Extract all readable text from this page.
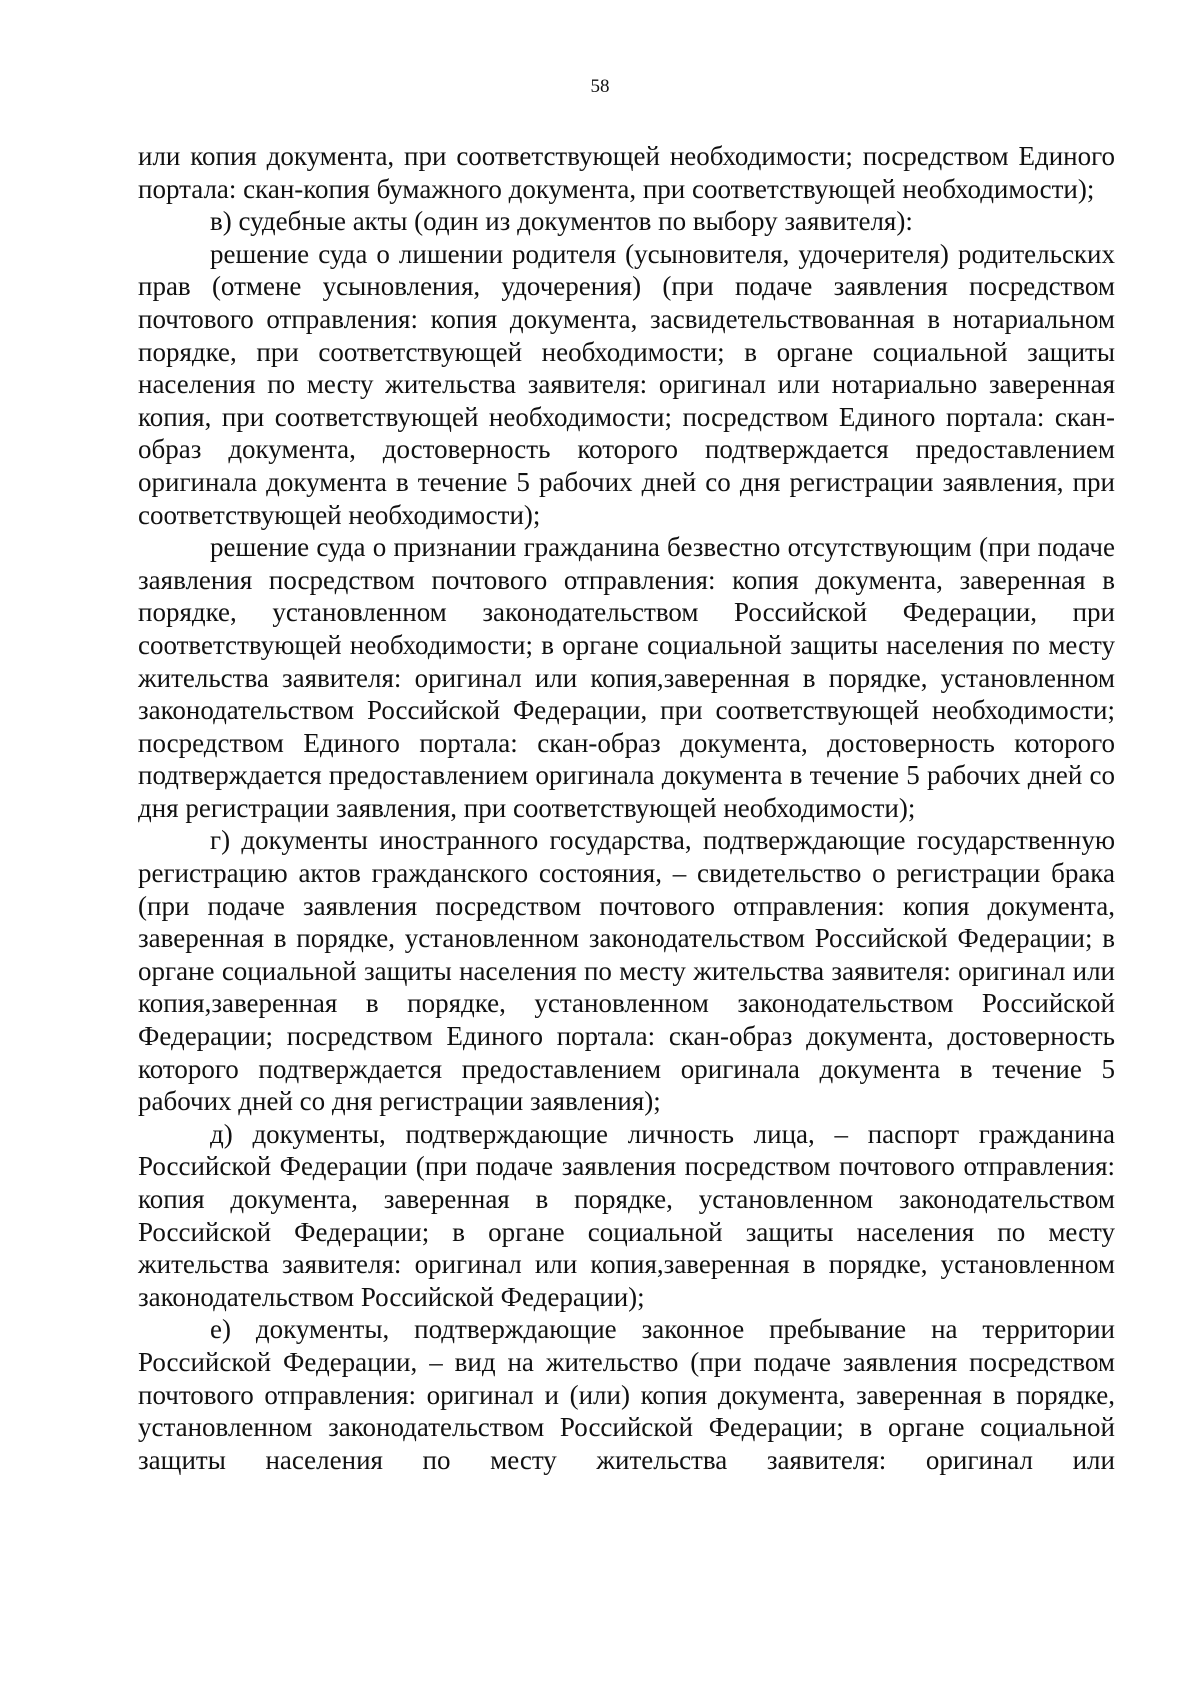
58

или копия документа, при соответствующей необходимости; посредством Единого портала: скан-копия бумажного документа, при соответствующей необходимости);

в) судебные акты (один из документов по выбору заявителя):

решение суда о лишении родителя (усыновителя, удочерителя) родительских прав (отмене усыновления, удочерения) (при подаче заявления посредством почтового отправления: копия документа, засвидетельствованная в нотариальном порядке, при соответствующей необходимости; в органе социальной защиты населения по месту жительства заявителя: оригинал или нотариально заверенная копия, при соответствующей необходимости; посредством Единого портала: скан-образ документа, достоверность которого подтверждается предоставлением оригинала документа в течение 5 рабочих дней со дня регистрации заявления, при соответствующей необходимости);

решение суда о признании гражданина безвестно отсутствующим (при подаче заявления посредством почтового отправления: копия документа, заверенная в порядке, установленном законодательством Российской Федерации, при соответствующей необходимости; в органе социальной защиты населения по месту жительства заявителя: оригинал или копия,заверенная в порядке, установленном законодательством Российской Федерации, при соответствующей необходимости; посредством Единого портала: скан-образ документа, достоверность которого подтверждается предоставлением оригинала документа в течение 5 рабочих дней со дня регистрации заявления, при соответствующей необходимости);

г) документы иностранного государства, подтверждающие государственную регистрацию актов гражданского состояния, – свидетельство о регистрации брака (при подаче заявления посредством почтового отправления: копия документа, заверенная в порядке, установленном законодательством Российской Федерации; в органе социальной защиты населения по месту жительства заявителя: оригинал или копия,заверенная в порядке, установленном законодательством Российской Федерации; посредством Единого портала: скан-образ документа, достоверность которого подтверждается предоставлением оригинала документа в течение 5 рабочих дней со дня регистрации заявления);

д) документы, подтверждающие личность лица, – паспорт гражданина Российской Федерации (при подаче заявления посредством почтового отправления: копия документа, заверенная в порядке, установленном законодательством Российской Федерации; в органе социальной защиты населения по месту жительства заявителя: оригинал или копия,заверенная в порядке, установленном законодательством Российской Федерации);

е) документы, подтверждающие законное пребывание на территории Российской Федерации, – вид на жительство (при подаче заявления посредством почтового отправления: оригинал и (или) копия документа, заверенная в порядке, установленном законодательством Российской Федерации; в органе социальной защиты населения по месту жительства заявителя: оригинал или
